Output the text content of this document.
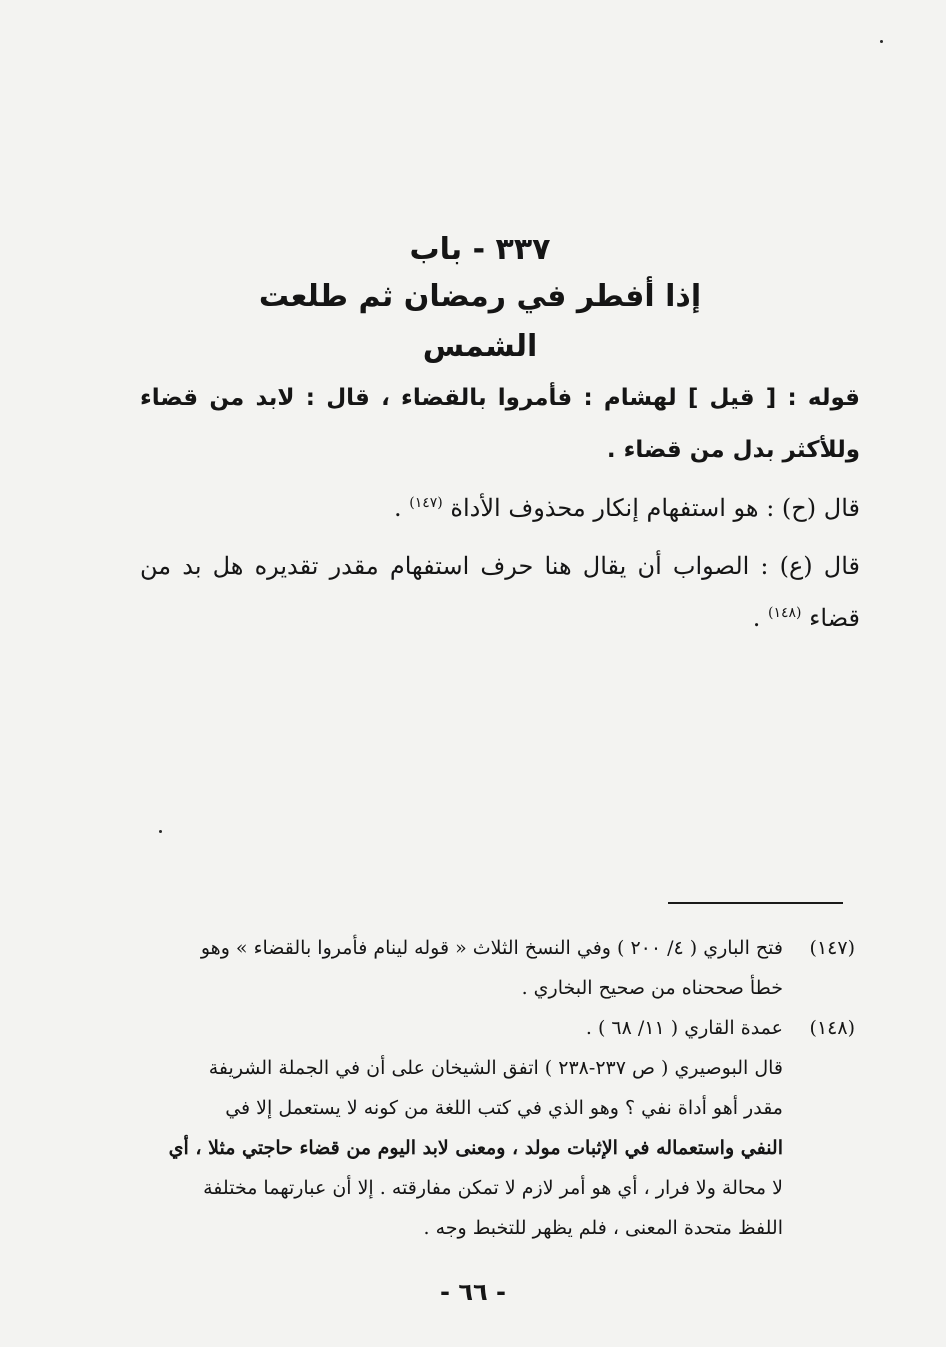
٣٣٧ - باب

إذا أفطر في رمضان ثم طلعت الشمس

قوله : [ قيل ] لهشام : فأمروا بالقضاء ، قال : لابد من قضاء وللأكثر بدل من قضاء .

قال (ح) : هو استفهام إنكار محذوف الأداة $^{(١٤٧)}$ .

قال (ع) : الصواب أن يقال هنا حرف استفهام مقدر تقديره هل بد من قضاء $^{(١٤٨)}$ .

(١٤٧)

فتح الباري ( ٤/ ٢٠٠ ) وفي النسخ الثلاث « قوله لينام فأمروا بالقضاء » وهو

خطأ صححناه من صحيح البخاري .

(١٤٨)

عمدة القاري ( ١١/ ٦٨ ) .

قال البوصيري ( ص ٢٣٧-٢٣٨ ) اتفق الشيخان على أن في الجملة الشريفة

مقدر أهو أداة نفي ؟ وهو الذي في كتب اللغة من كونه لا يستعمل إلا في

النفي واستعماله في الإثبات مولد ، ومعنى لابد اليوم من قضاء حاجتي مثلا ، أي

لا محالة ولا فرار ، أي هو أمر لازم لا تمكن مفارقته . إلا أن عبارتهما مختلفة

اللفظ متحدة المعنى ، فلم يظهر للتخبط وجه .

- ٦٦ -
